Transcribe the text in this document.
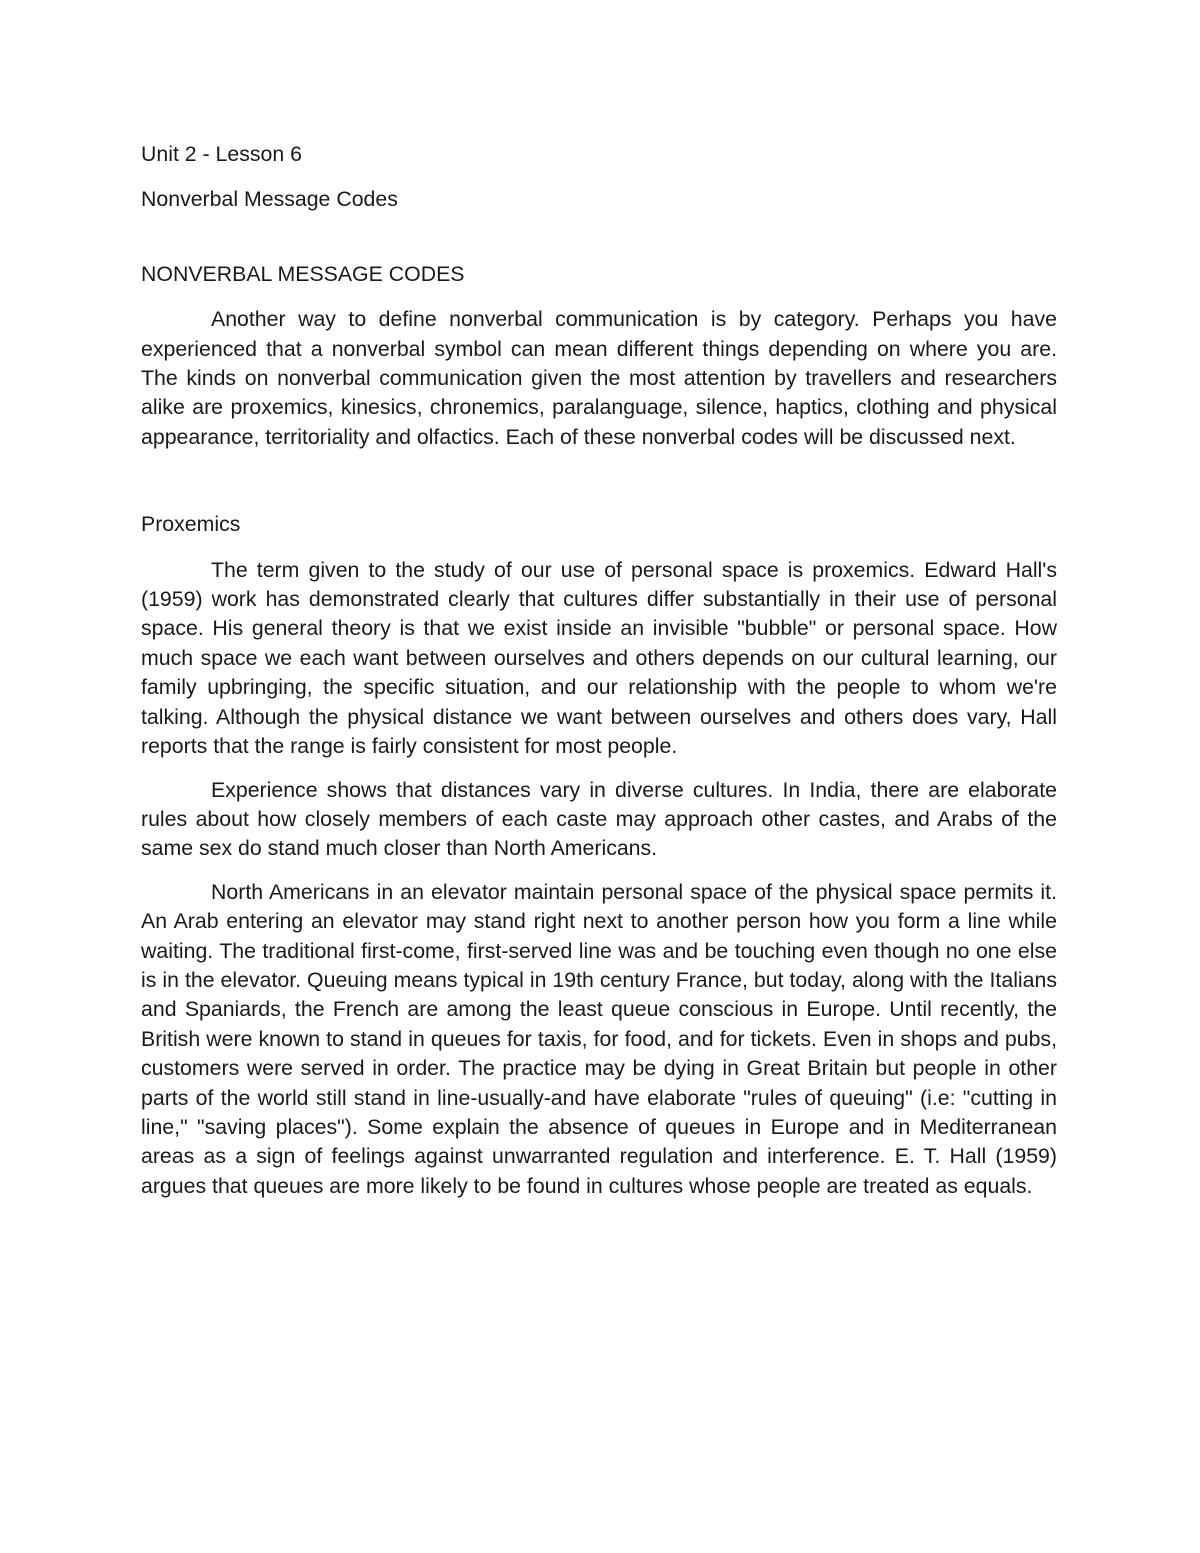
Unit 2 - Lesson 6

Nonverbal Message Codes

NONVERBAL MESSAGE CODES

Another way to define nonverbal communication is by category. Perhaps you have experienced that a nonverbal symbol can mean different things depending on where you are. The kinds on nonverbal communication given the most attention by travellers and researchers alike are proxemics, kinesics, chronemics, paralanguage, silence, haptics, clothing and physical appearance, territoriality and olfactics. Each of these nonverbal codes will be discussed next.

Proxemics

The term given to the study of our use of personal space is proxemics. Edward Hall's (1959) work has demonstrated clearly that cultures differ substantially in their use of personal space. His general theory is that we exist inside an invisible "bubble" or personal space. How much space we each want between ourselves and others depends on our cultural learning, our family upbringing, the specific situation, and our relationship with the people to whom we're talking. Although the physical distance we want between ourselves and others does vary, Hall reports that the range is fairly consistent for most people.

Experience shows that distances vary in diverse cultures. In India, there are elaborate rules about how closely members of each caste may approach other castes, and Arabs of the same sex do stand much closer than North Americans.

North Americans in an elevator maintain personal space of the physical space permits it. An Arab entering an elevator may stand right next to another person how you form a line while waiting. The traditional first-come, first-served line was and be touching even though no one else is in the elevator. Queuing means typical in 19th century France, but today, along with the Italians and Spaniards, the French are among the least queue conscious in Europe. Until recently, the British were known to stand in queues for taxis, for food, and for tickets. Even in shops and pubs, customers were served in order. The practice may be dying in Great Britain but people in other parts of the world still stand in line-usually-and have elaborate "rules of queuing" (i.e: "cutting in line," "saving places"). Some explain the absence of queues in Europe and in Mediterranean areas as a sign of feelings against unwarranted regulation and interference. E. T. Hall (1959) argues that queues are more likely to be found in cultures whose people are treated as equals.
